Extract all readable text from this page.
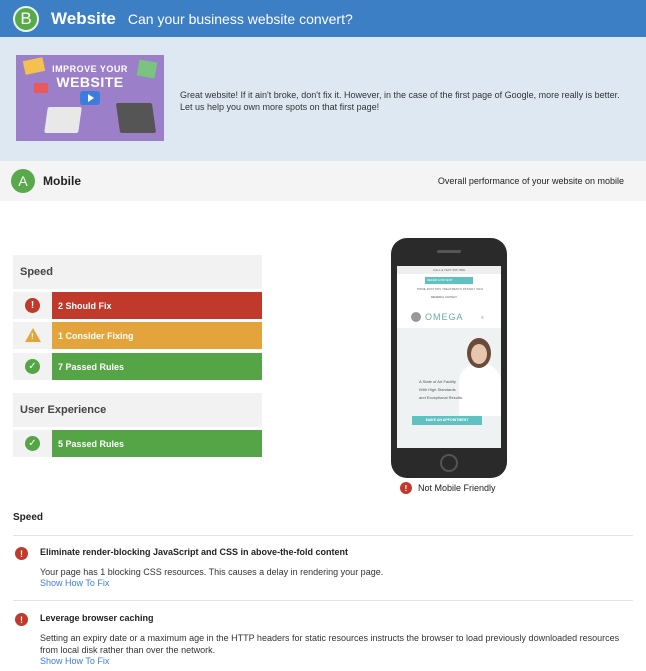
B	Website Can your business website convert?
IMPROVE YOUR
WEBSITE
Great website! If it ain't broke, don't fix it. However, in the case of the first page of Google, more really is better. Let us help you own more spots on that first page!
A	Mobile	Overall performance of your website on mobile
Speed
!	2 Should Fix
!	1 Consider Fixing
✓	7 Passed Rules
User Experience
✓	5 Passed Rules
CALL & TEXT 555 7896
REFER A PATIENT
HOME DOCTORS TREATMENTS PATIENT INFO
REFERRAL CONTACT
OMEGA	≡
A State of Art Facility
With High Standards
and Exceptional Results.
MAKE AN APPOINTMENT
!	Not Mobile Friendly
Speed
!	Eliminate render-blocking JavaScript and CSS in above-the-fold content
Your page has 1 blocking CSS resources. This causes a delay in rendering your page.
Show How To Fix
!	Leverage browser caching
Setting an expiry date or a maximum age in the HTTP headers for static resources instructs the browser to load previously downloaded resources from local disk rather than over the network.
Show How To Fix
